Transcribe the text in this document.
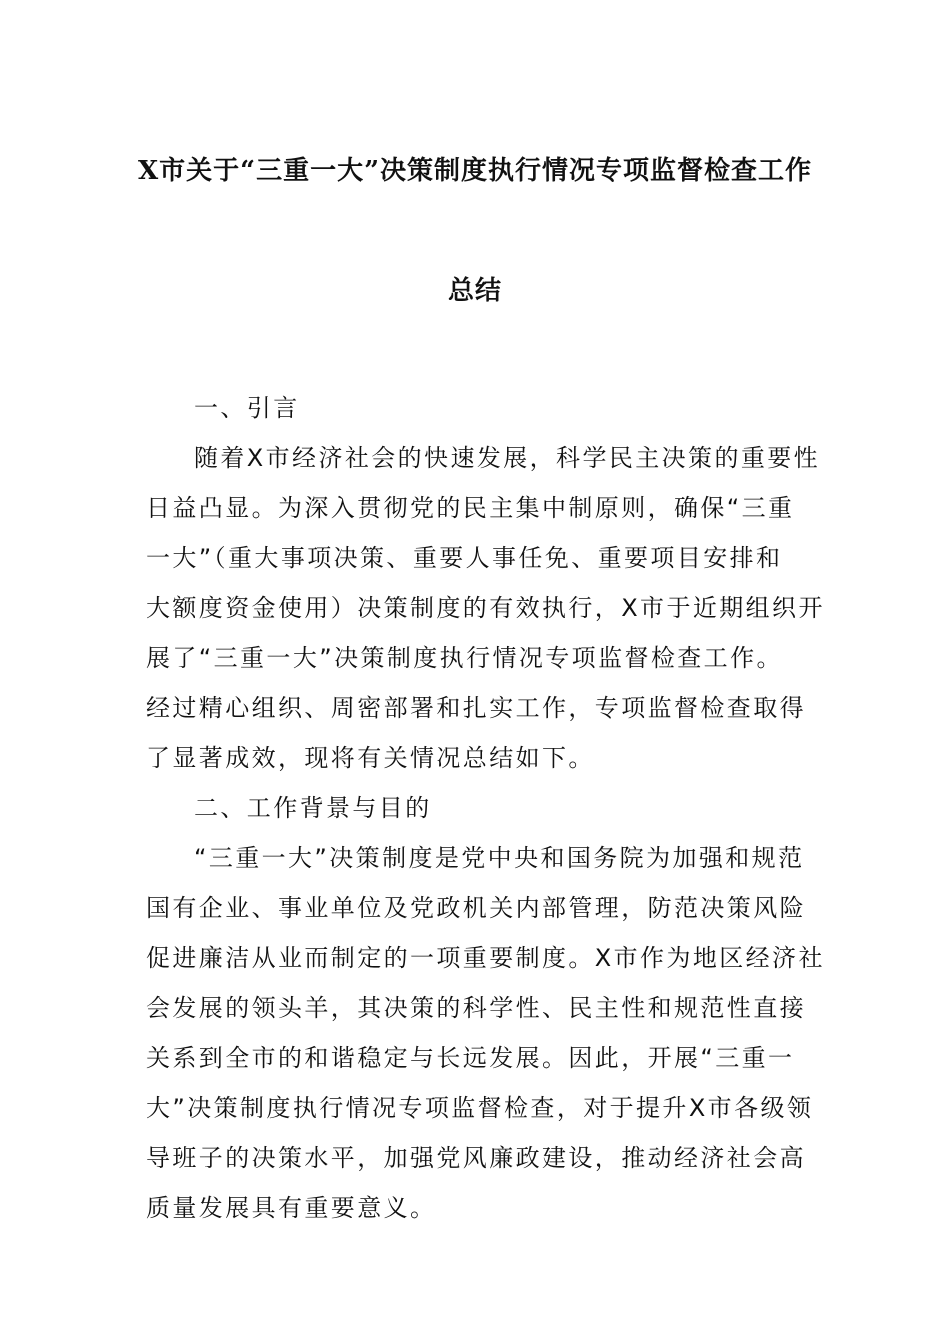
X市关于“三重一大”决策制度执行情况专项监督检查工作
总结
一、引言
随着X市经济社会的快速发展，科学民主决策的重要性
日益凸显。为深入贯彻党的民主集中制原则，确保“三重
一大”（重大事项决策、重要人事任免、重要项目安排和
大额度资金使用）决策制度的有效执行，X市于近期组织开
展了“三重一大”决策制度执行情况专项监督检查工作。
经过精心组织、周密部署和扎实工作，专项监督检查取得
了显著成效，现将有关情况总结如下。
二、工作背景与目的
“三重一大”决策制度是党中央和国务院为加强和规范
国有企业、事业单位及党政机关内部管理，防范决策风险
促进廉洁从业而制定的一项重要制度。X市作为地区经济社
会发展的领头羊，其决策的科学性、民主性和规范性直接
关系到全市的和谐稳定与长远发展。因此，开展“三重一
大”决策制度执行情况专项监督检查，对于提升X市各级领
导班子的决策水平，加强党风廉政建设，推动经济社会高
质量发展具有重要意义。
